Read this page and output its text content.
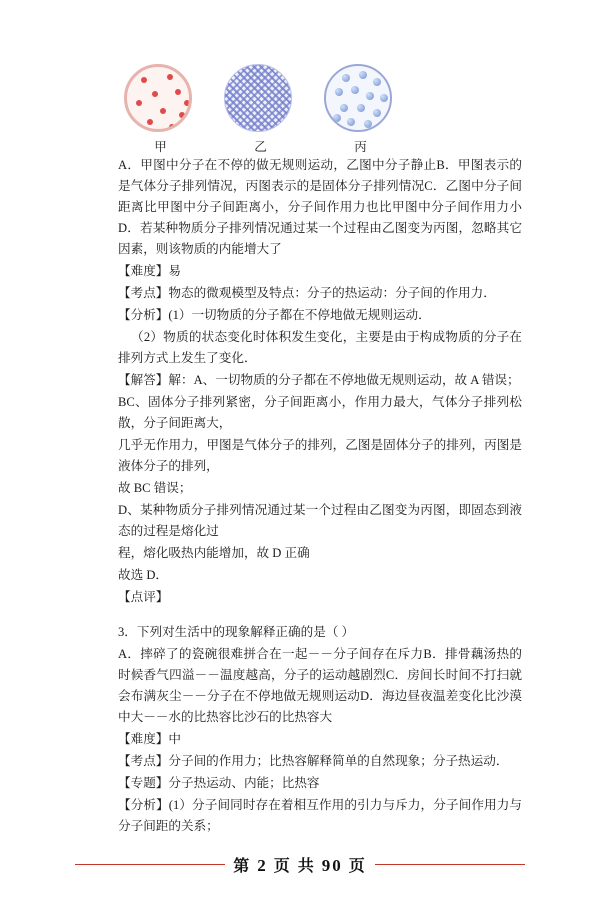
甲	乙	丙

A．甲图中分子在不停的做无规则运动，乙图中分子静止B．甲图表示的是气体分子排列情况，丙图表示的是固体分子排列情况C．乙图中分子间距离比甲图中分子间距离小，分子间作用力也比甲图中分子间作用力小D．若某种物质分子排列情况通过某一个过程由乙图变为丙图，忽略其它因素，则该物质的内能增大了

【难度】易

【考点】物态的微观模型及特点：分子的热运动：分子间的作用力．

【分析】(1）一切物质的分子都在不停地做无规则运动．

（2）物质的状态变化时体积发生变化，主要是由于构成物质的分子在排列方式上发生了变化．

【解答】解：A、一切物质的分子都在不停地做无规则运动，故 A 错误；

BC、固体分子排列紧密，分子间距离小，作用力最大，气体分子排列松散，分子间距离大，

几乎无作用力，甲图是气体分子的排列，乙图是固体分子的排列，丙图是液体分子的排列，

故 BC 错误；

D、某种物质分子排列情况通过某一个过程由乙图变为丙图，即固态到液态的过程是熔化过

程，熔化吸热内能增加，故 D 正确

故选 D．

【点评】

3．下列对生活中的现象解释正确的是（ ）

A．摔碎了的瓷碗很难拼合在一起－－分子间存在斥力B．排骨藕汤热的时候香气四溢－－温度越高，分子的运动越剧烈C．房间长时间不打扫就会布满灰尘－－分子在不停地做无规则运动D．海边昼夜温差变化比沙漠中大－－水的比热容比沙石的比热容大

【难度】中

【考点】分子间的作用力；比热容解释简单的自然现象；分子热运动．

【专题】分子热运动、内能；比热容

【分析】(1）分子间同时存在着相互作用的引力与斥力，分子间作用力与分子间距的关系；

第 2 页 共 90 页
